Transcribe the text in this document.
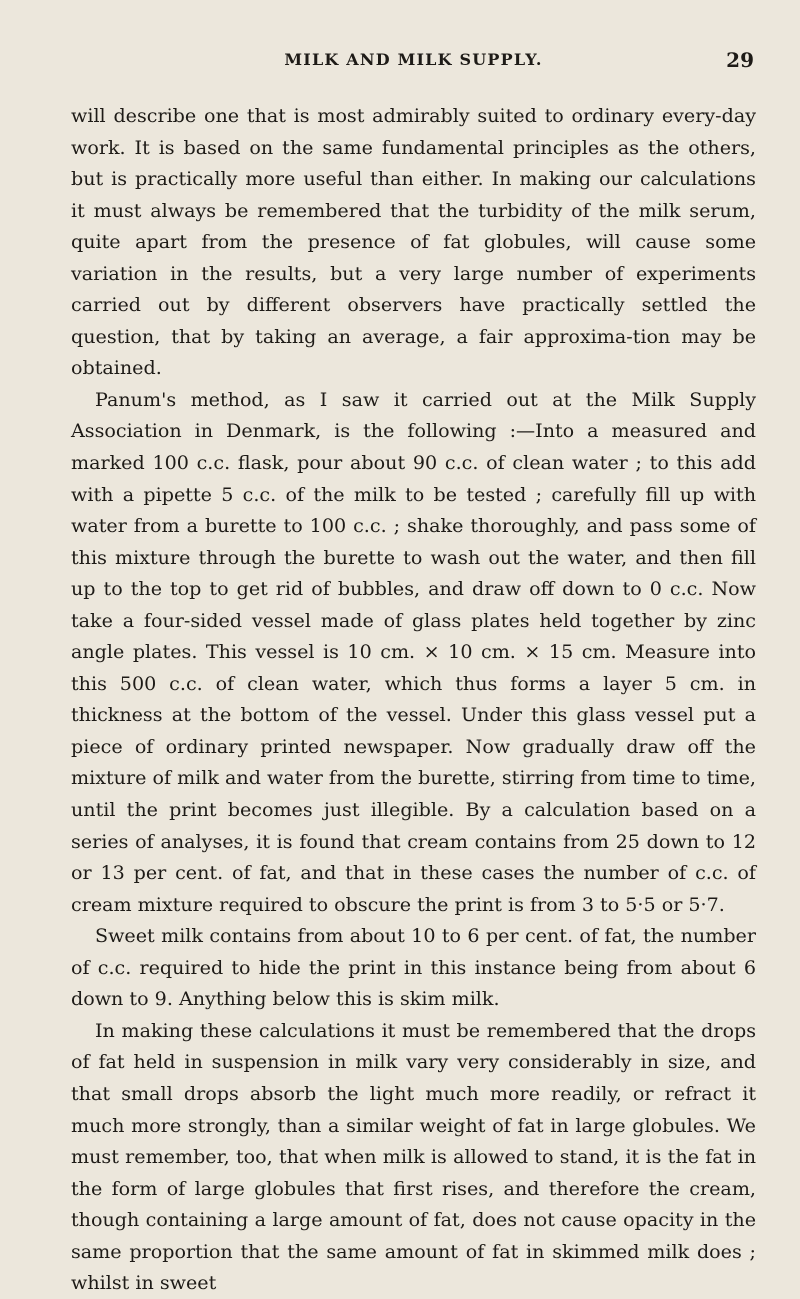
MILK AND MILK SUPPLY.	29

will describe one that is most admirably suited to ordinary every-day work. It is based on the same fundamental principles as the others, but is practically more useful than either. In making our calculations it must always be remembered that the turbidity of the milk serum, quite apart from the presence of fat globules, will cause some variation in the results, but a very large number of experiments carried out by different observers have practically settled the question, that by taking an average, a fair approxima-tion may be obtained.

Panum's method, as I saw it carried out at the Milk Supply Association in Denmark, is the following :—Into a measured and marked 100 c.c. flask, pour about 90 c.c. of clean water ; to this add with a pipette 5 c.c. of the milk to be tested ; carefully fill up with water from a burette to 100 c.c. ; shake thoroughly, and pass some of this mixture through the burette to wash out the water, and then fill up to the top to get rid of bubbles, and draw off down to 0 c.c. Now take a four-sided vessel made of glass plates held together by zinc angle plates. This vessel is 10 cm. × 10 cm. × 15 cm. Measure into this 500 c.c. of clean water, which thus forms a layer 5 cm. in thickness at the bottom of the vessel. Under this glass vessel put a piece of ordinary printed newspaper. Now gradually draw off the mixture of milk and water from the burette, stirring from time to time, until the print becomes just illegible. By a calculation based on a series of analyses, it is found that cream contains from 25 down to 12 or 13 per cent. of fat, and that in these cases the number of c.c. of cream mixture required to obscure the print is from 3 to 5·5 or 5·7.

Sweet milk contains from about 10 to 6 per cent. of fat, the number of c.c. required to hide the print in this instance being from about 6 down to 9. Anything below this is skim milk.

In making these calculations it must be remembered that the drops of fat held in suspension in milk vary very considerably in size, and that small drops absorb the light much more readily, or refract it much more strongly, than a similar weight of fat in large globules. We must remember, too, that when milk is allowed to stand, it is the fat in the form of large globules that first rises, and therefore the cream, though containing a large amount of fat, does not cause opacity in the same proportion that the same amount of fat in skimmed milk does ; whilst in sweet
